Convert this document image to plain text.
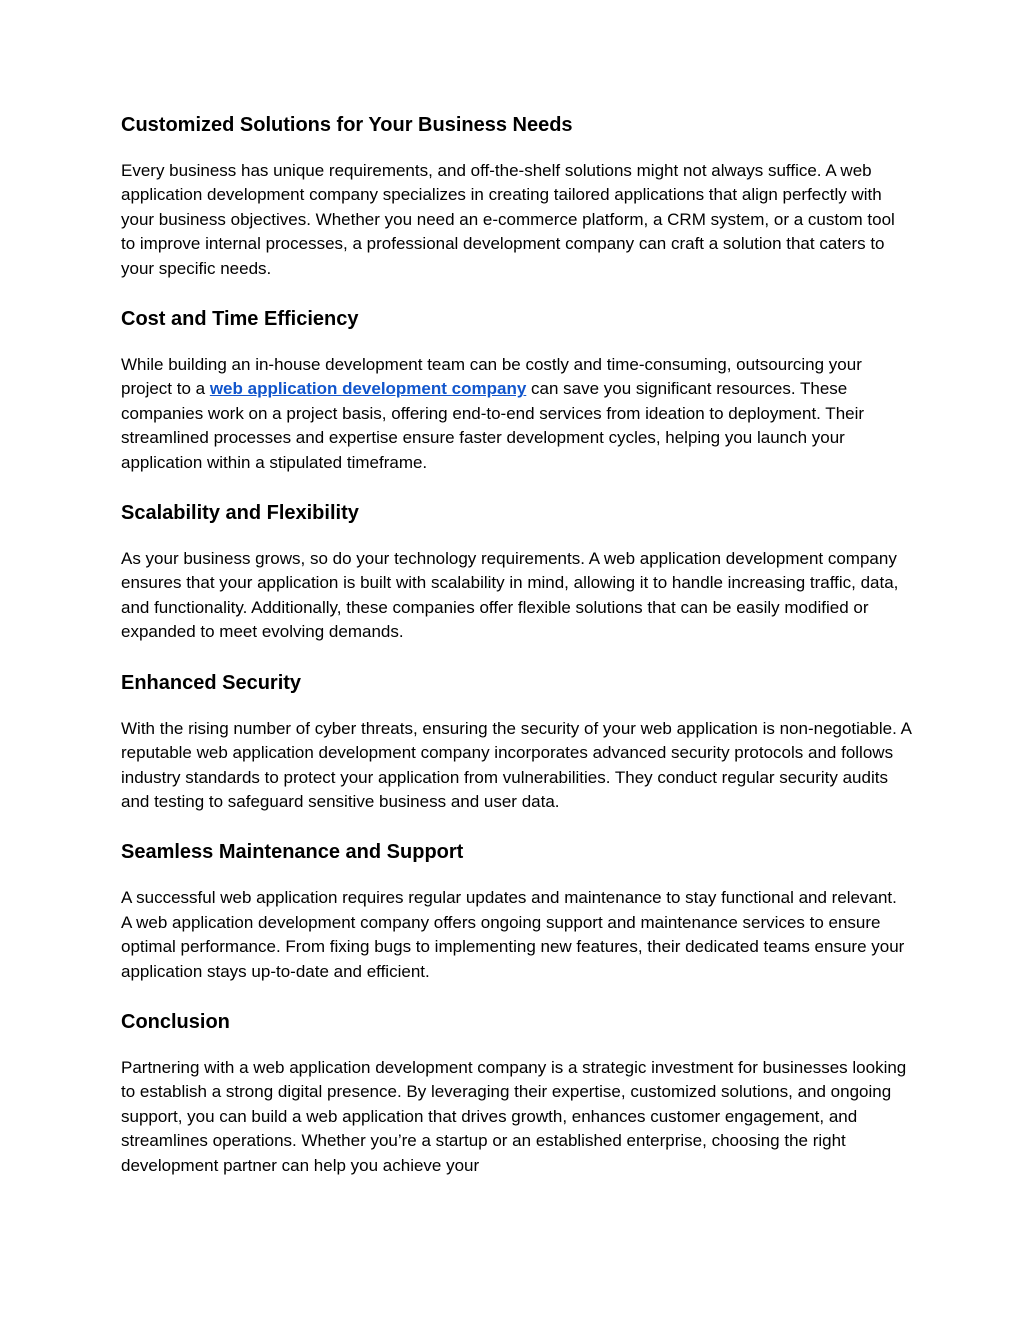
Customized Solutions for Your Business Needs

Every business has unique requirements, and off-the-shelf solutions might not always suffice. A web application development company specializes in creating tailored applications that align perfectly with your business objectives. Whether you need an e-commerce platform, a CRM system, or a custom tool to improve internal processes, a professional development company can craft a solution that caters to your specific needs.

Cost and Time Efficiency

While building an in-house development team can be costly and time-consuming, outsourcing your project to a web application development company can save you significant resources. These companies work on a project basis, offering end-to-end services from ideation to deployment. Their streamlined processes and expertise ensure faster development cycles, helping you launch your application within a stipulated timeframe.

Scalability and Flexibility

As your business grows, so do your technology requirements. A web application development company ensures that your application is built with scalability in mind, allowing it to handle increasing traffic, data, and functionality. Additionally, these companies offer flexible solutions that can be easily modified or expanded to meet evolving demands.

Enhanced Security

With the rising number of cyber threats, ensuring the security of your web application is non-negotiable. A reputable web application development company incorporates advanced security protocols and follows industry standards to protect your application from vulnerabilities. They conduct regular security audits and testing to safeguard sensitive business and user data.

Seamless Maintenance and Support

A successful web application requires regular updates and maintenance to stay functional and relevant. A web application development company offers ongoing support and maintenance services to ensure optimal performance. From fixing bugs to implementing new features, their dedicated teams ensure your application stays up-to-date and efficient.

Conclusion

Partnering with a web application development company is a strategic investment for businesses looking to establish a strong digital presence. By leveraging their expertise, customized solutions, and ongoing support, you can build a web application that drives growth, enhances customer engagement, and streamlines operations. Whether you’re a startup or an established enterprise, choosing the right development partner can help you achieve your
